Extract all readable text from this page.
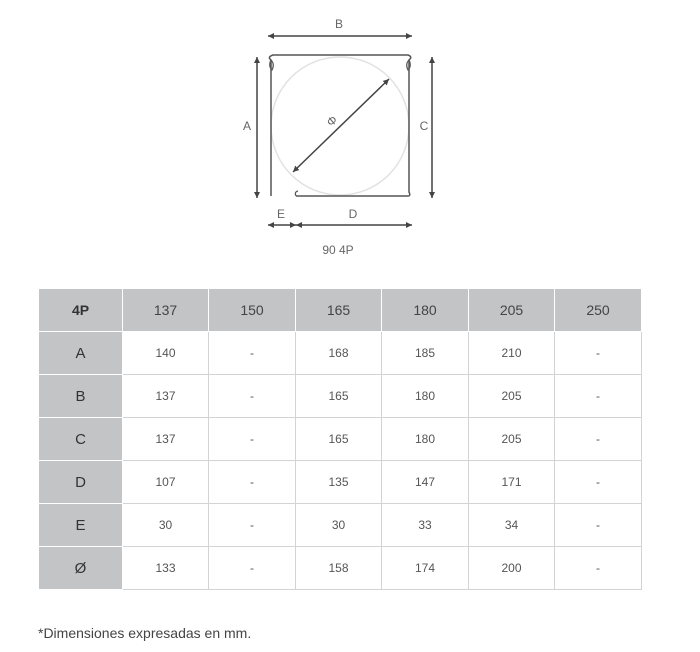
B
A	C
Φ
E	D
90 4P
4P	137	150	165	180	205	250
A	140	-	168	185	210	-
B	137	-	165	180	205	-
C	137	-	165	180	205	-
D	107	-	135	147	171	-
E	30	-	30	33	34	-
Ø	133	-	158	174	200	-

*Dimensiones expresadas en mm.
